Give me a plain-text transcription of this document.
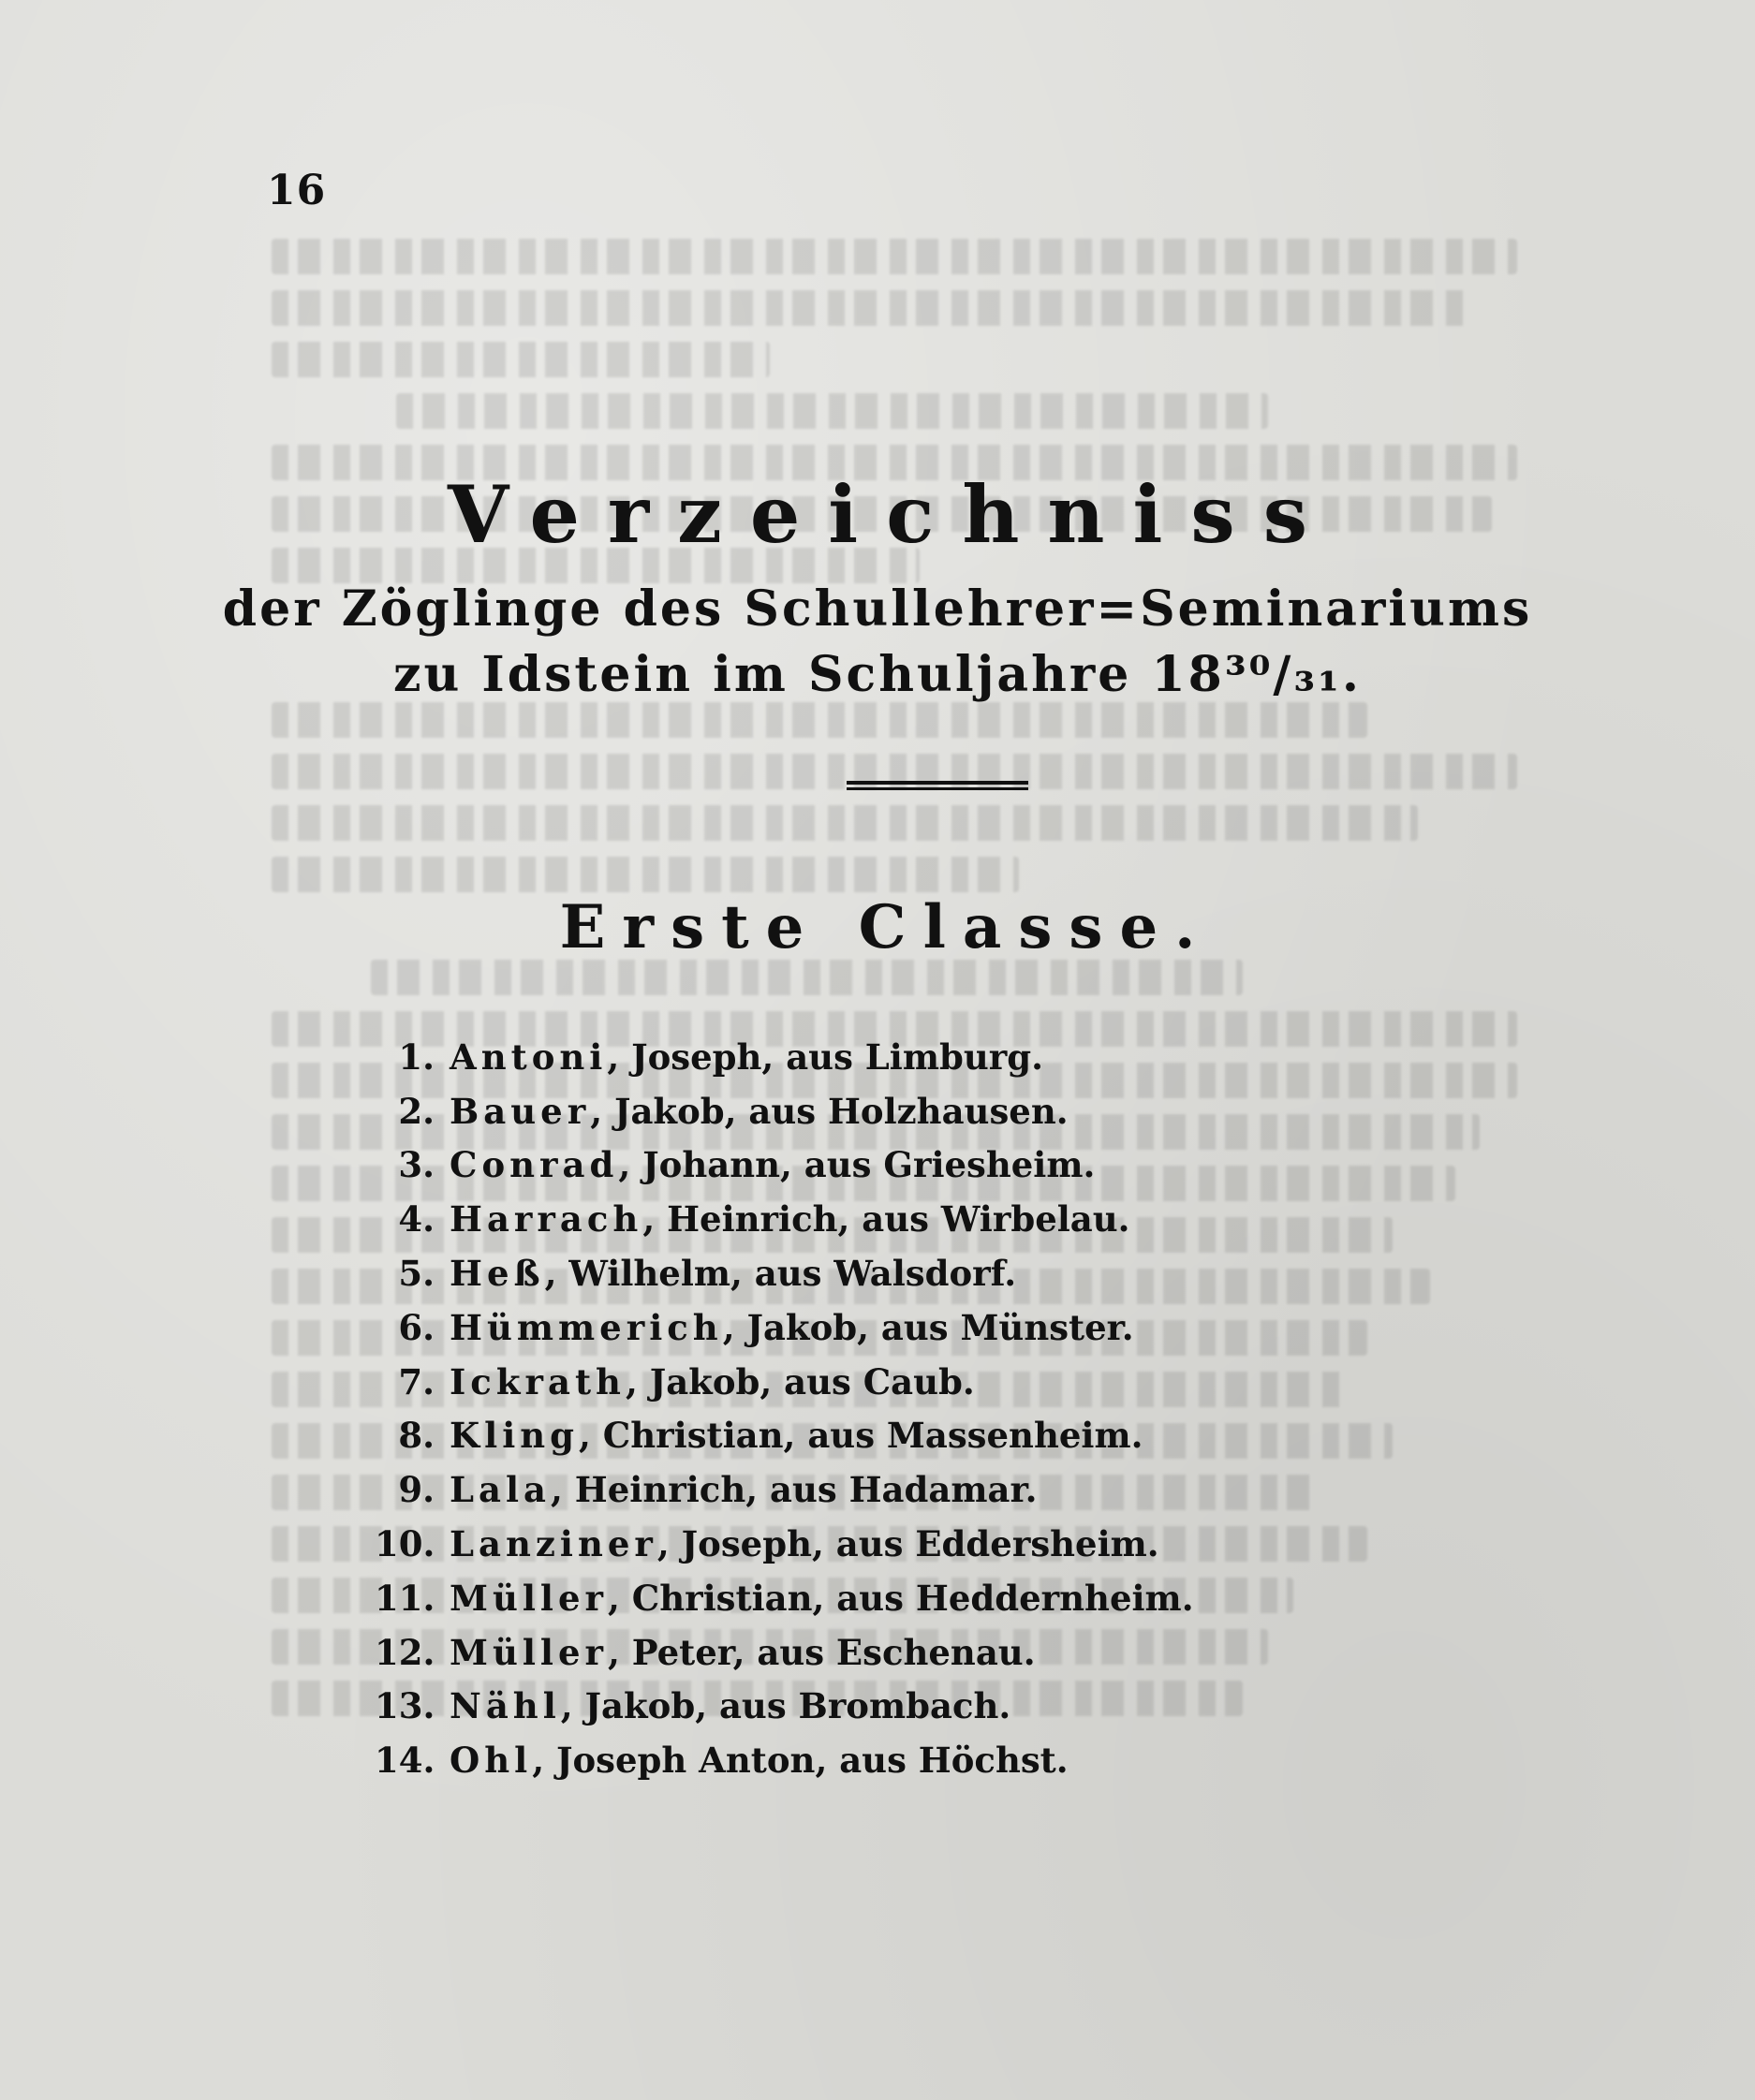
16
Verzeichniss
der Zöglinge des Schullehrer=Seminariums
zu Idstein im Schuljahre 18³⁰/₃₁.
Erste Classe.
1. Antoni , Joseph, aus Limburg.
2. Bauer , Jakob, aus Holzhausen.
3. Conrad , Johann, aus Griesheim.
4. Harrach , Heinrich, aus Wirbelau.
5. Heß , Wilhelm, aus Walsdorf.
6. Hümmerich , Jakob, aus Münster.
7. Ickrath , Jakob, aus Caub.
8. Kling , Christian, aus Massenheim.
9. Lala , Heinrich, aus Hadamar.
10. Lanziner , Joseph, aus Eddersheim.
11. Müller , Christian, aus Heddernheim.
12. Müller , Peter, aus Eschenau.
13. Nähl , Jakob, aus Brombach.
14. Ohl , Joseph Anton, aus Höchst.
